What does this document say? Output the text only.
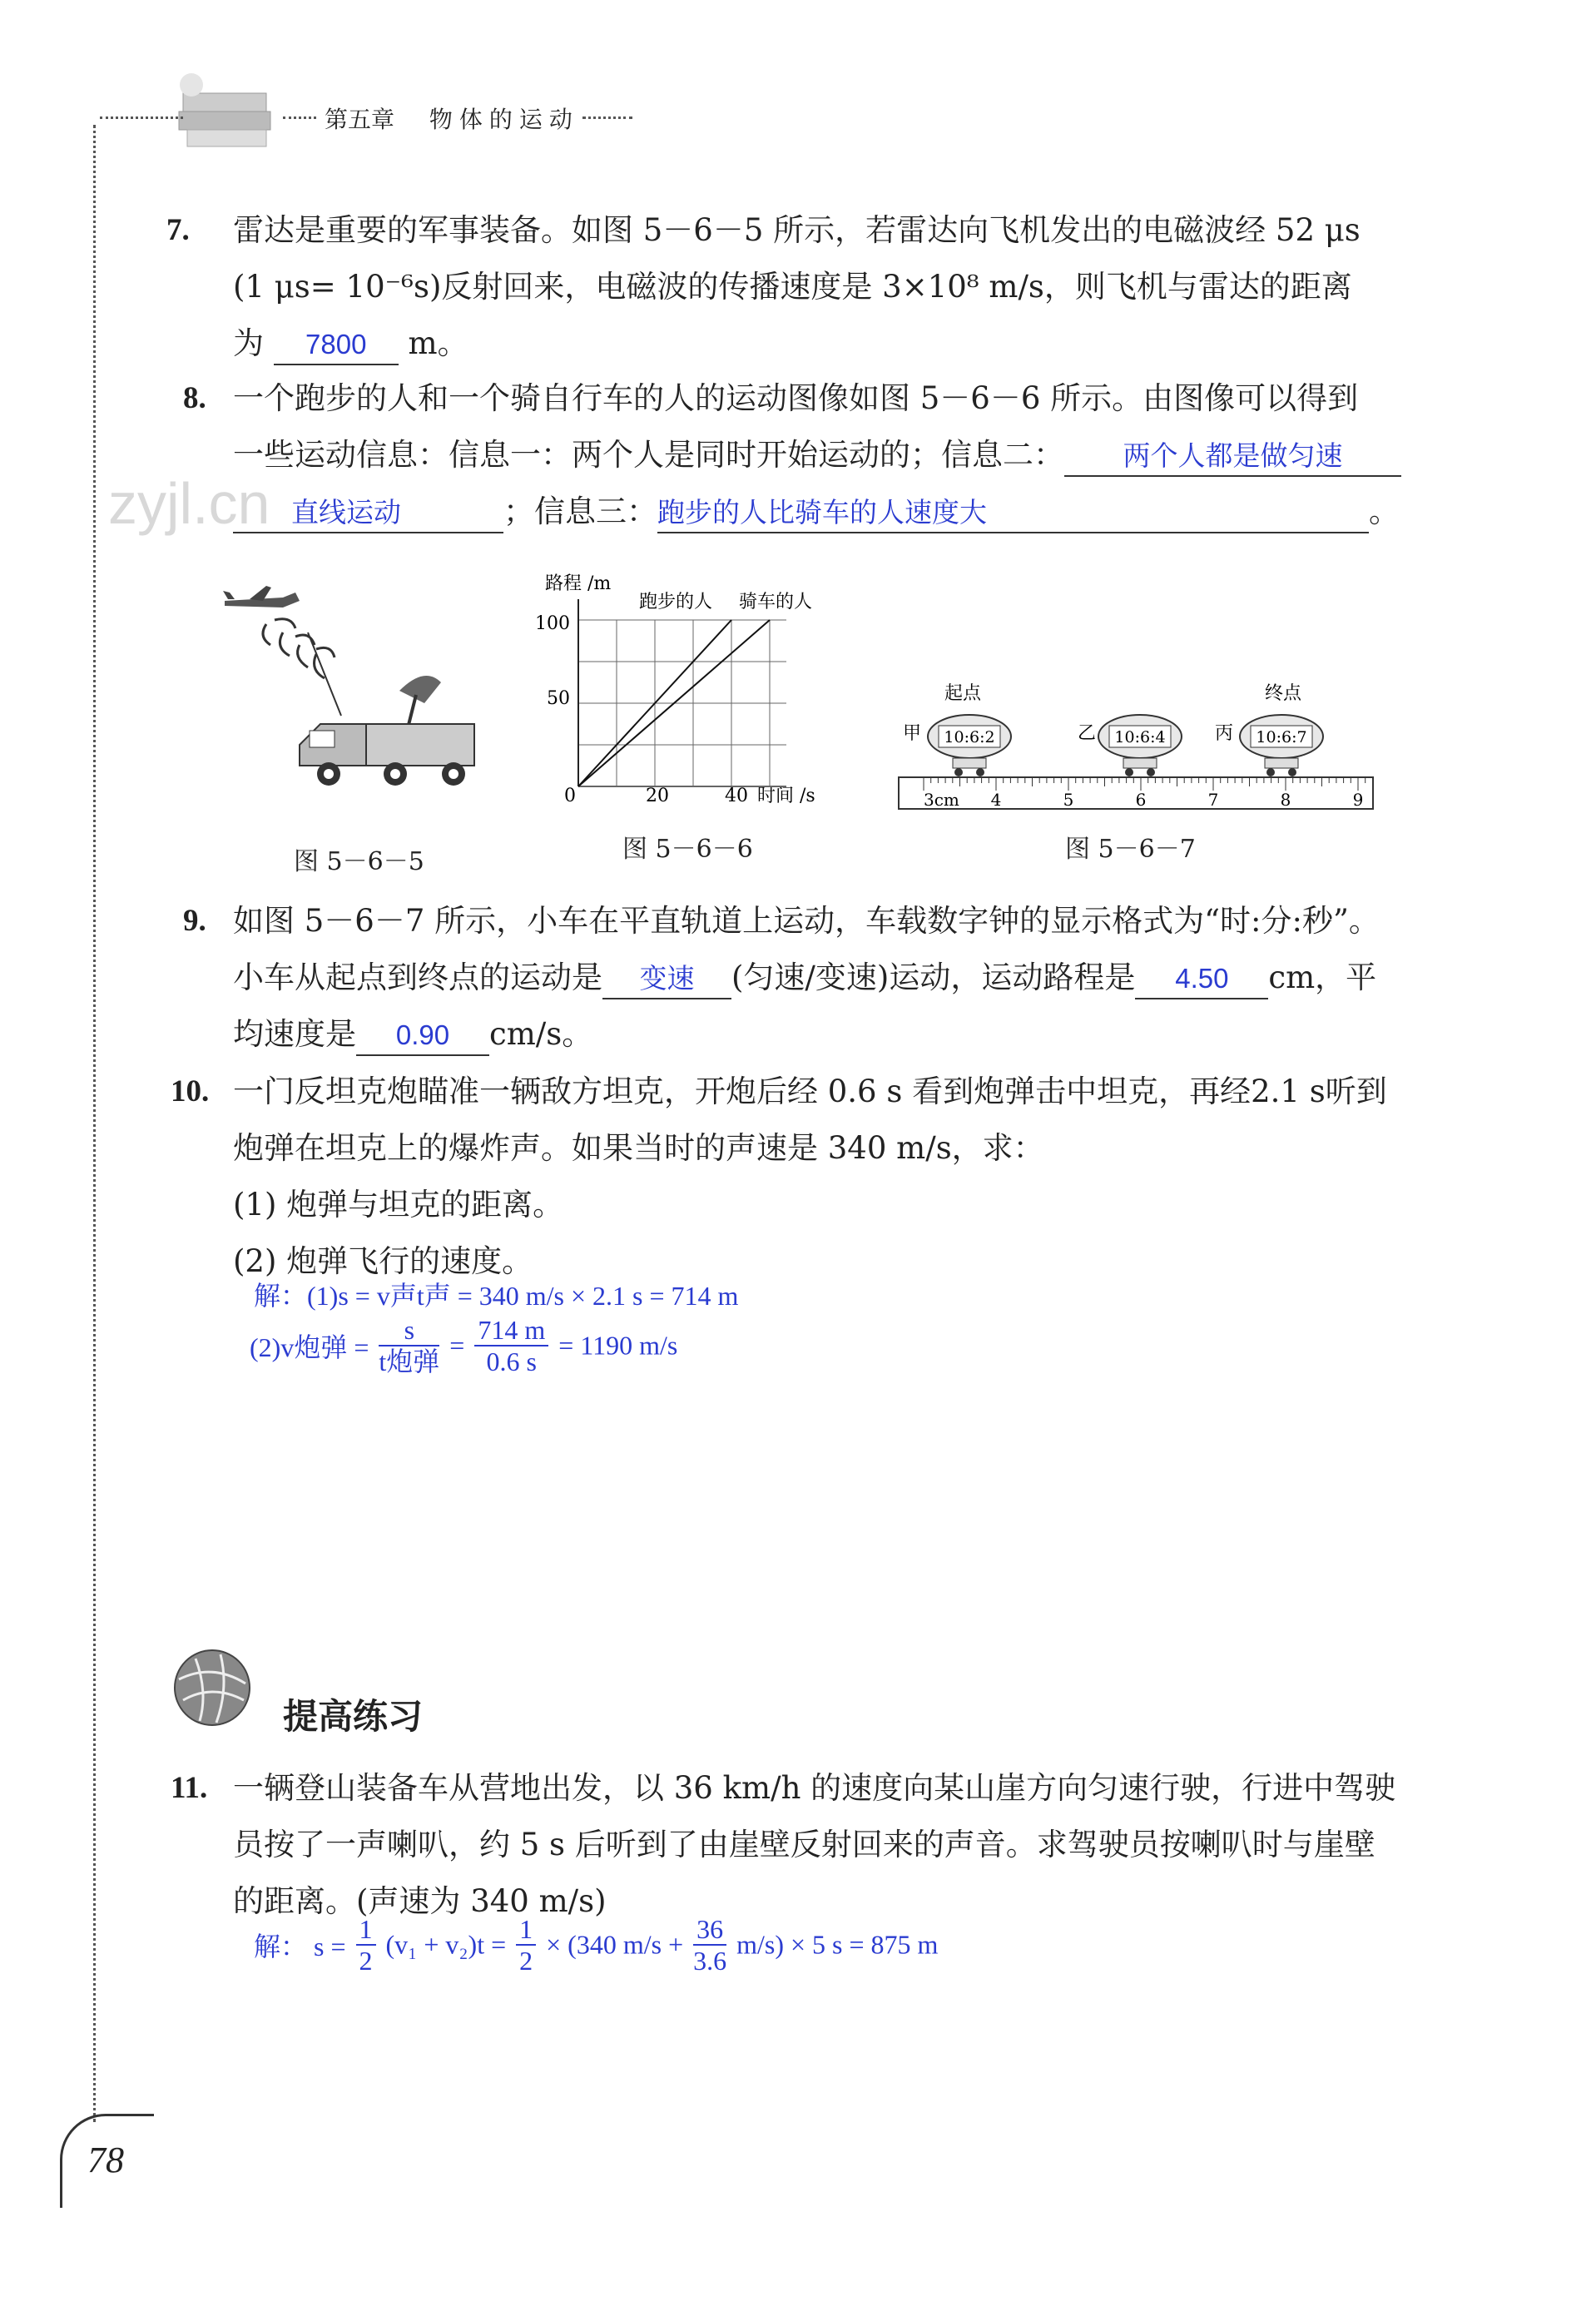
第五章 物体的运动
zyjl.cn
7. 雷达是重要的军事装备。如图 5－6－5 所示，若雷达向飞机发出的电磁波经 52 μs
(1 μs= 10⁻⁶s)反射回来，电磁波的传播速度是 3×10⁸ m/s，则飞机与雷达的距离
为 7800 m。
8. 一个跑步的人和一个骑自行车的人的运动图像如图 5－6－6 所示。由图像可以得到
一些运动信息：信息一：两个人是同时开始运动的；信息二： 两个人都是做匀速
直线运动	；信息三：跑步的人比骑车的人速度大	。
图 5－6－5
路程 /m
100
50
0	20	40 时间 /s
跑步的人 骑车的人
图 5－6－6
起点	终点
甲	乙	丙
10:6:2	10:6:4	10:6:7
3cm 4	5	6	7	8	9
图 5－6－7
9. 如图 5－6－7 所示，小车在平直轨道上运动，车载数字钟的显示格式为“时:分:秒”。
小车从起点到终点的运动是 变速 (匀速/变速)运动，运动路程是 4.50 cm，平
均速度是 0.90 cm/s。
10. 一门反坦克炮瞄准一辆敌方坦克，开炮后经 0.6 s 看到炮弹击中坦克，再经2.1 s听到
炮弹在坦克上的爆炸声。如果当时的声速是 340 m/s，求：
(1) 炮弹与坦克的距离。
(2) 炮弹飞行的速度。
解：(1)s = v声t声 = 340 m/s × 2.1 s = 714 m
(2)v炮弹 = $\frac{s}{\text{t炮弹}} = \frac{714 m}{0.6 s} = 1190$ m/s
提高练习
11. 一辆登山装备车从营地出发，以 36 km/h 的速度向某山崖方向匀速行驶，行进中驾驶
员按了一声喇叭，约 5 s 后听到了由崖壁反射回来的声音。求驾驶员按喇叭时与崖壁
的距离。(声速为 340 m/s)
解： $s = \frac{1}{2} (v_1 + v_2)t = \frac{1}{2} \times (340$ $m/s + \frac{36}{3.6} m/s) \times 5$ s = 875 m
78
